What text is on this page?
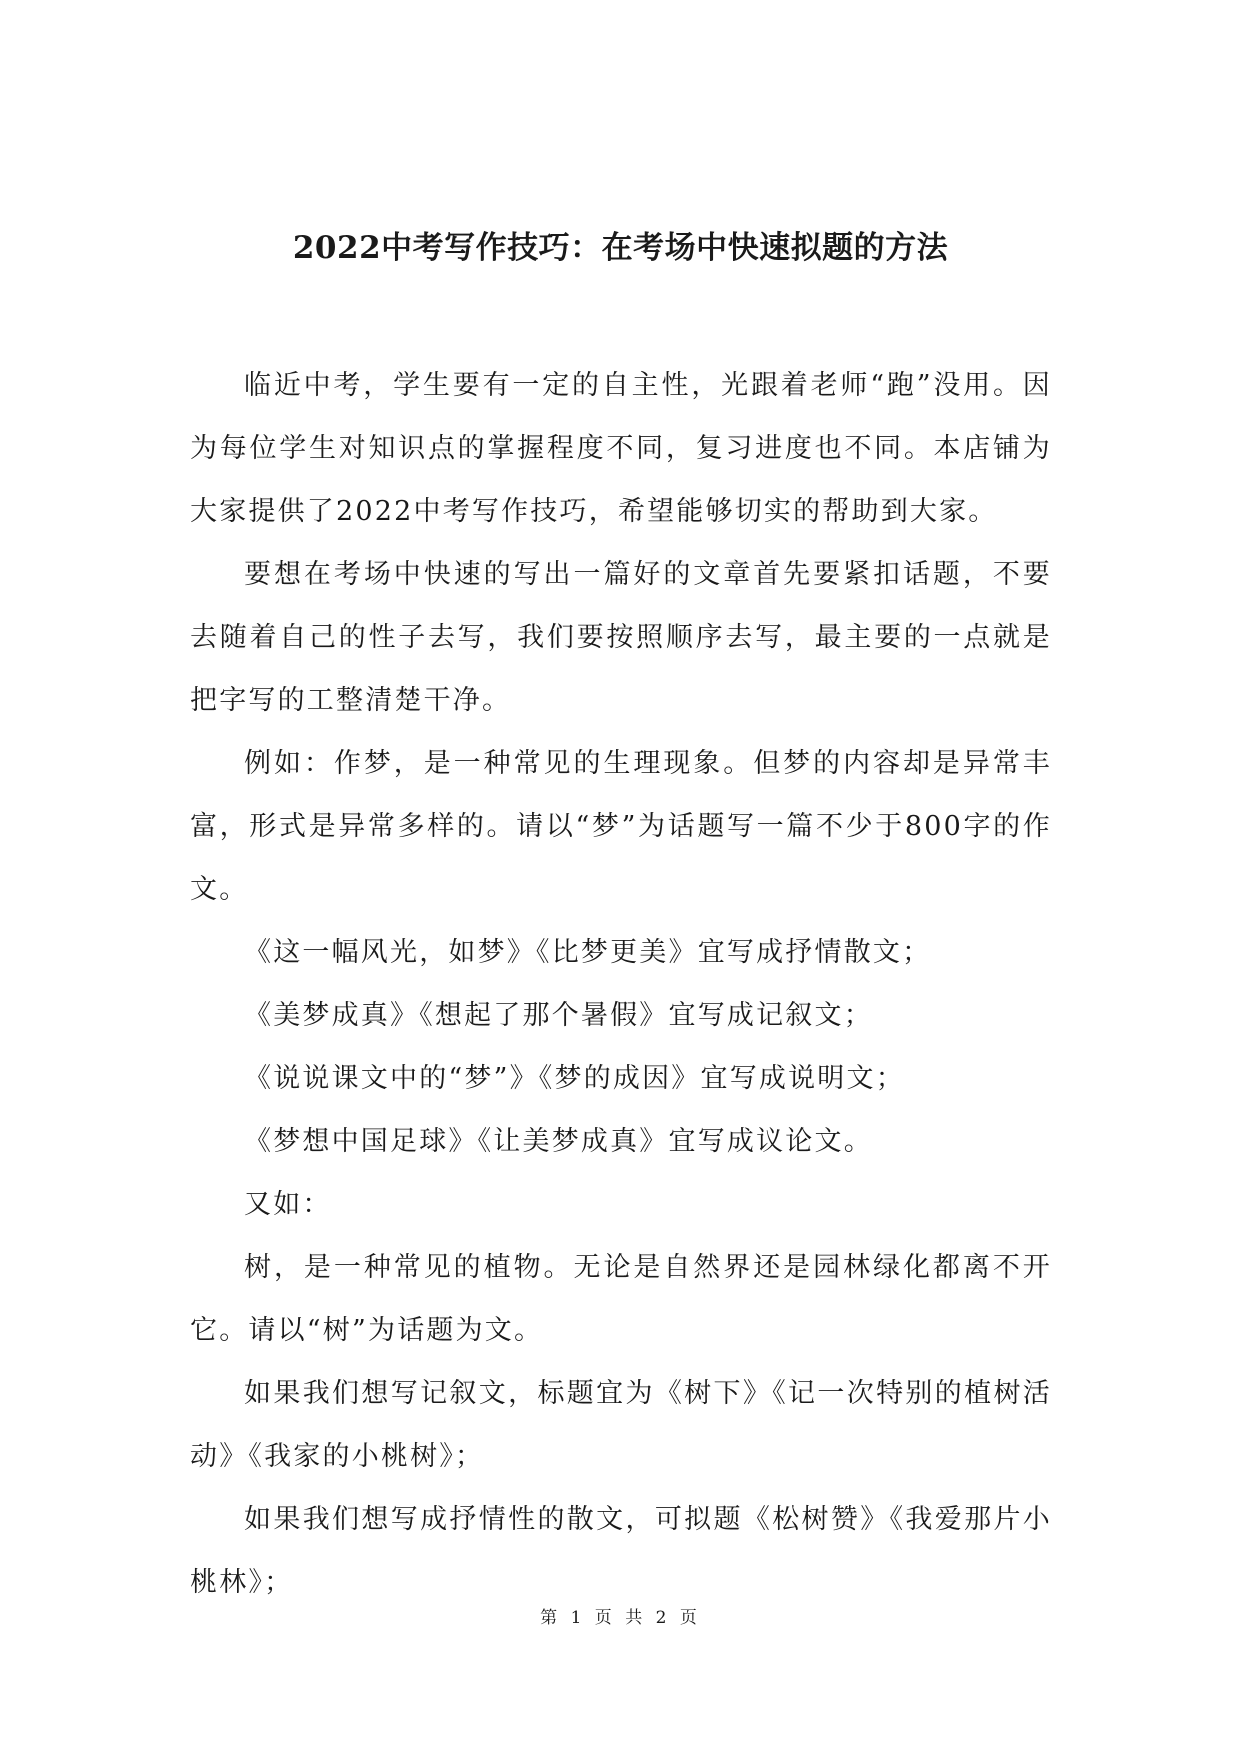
2022中考写作技巧：在考场中快速拟题的方法

临近中考，学生要有一定的自主性，光跟着老师“跑”没用。因为每位学生对知识点的掌握程度不同，复习进度也不同。本店铺为大家提供了2022中考写作技巧，希望能够切实的帮助到大家。

要想在考场中快速的写出一篇好的文章首先要紧扣话题，不要去随着自己的性子去写，我们要按照顺序去写，最主要的一点就是把字写的工整清楚干净。

例如：作梦，是一种常见的生理现象。但梦的内容却是异常丰富，形式是异常多样的。请以“梦”为话题写一篇不少于800字的作文。

《这一幅风光，如梦》《比梦更美》宜写成抒情散文；

《美梦成真》《想起了那个暑假》宜写成记叙文；

《说说课文中的“梦”》《梦的成因》宜写成说明文；

《梦想中国足球》《让美梦成真》宜写成议论文。

又如：

树，是一种常见的植物。无论是自然界还是园林绿化都离不开它。请以“树”为话题为文。

如果我们想写记叙文，标题宜为《树下》《记一次特别的植树活动》《我家的小桃树》；

如果我们想写成抒情性的散文，可拟题《松树赞》《我爱那片小桃林》；

第 1 页 共 2 页
